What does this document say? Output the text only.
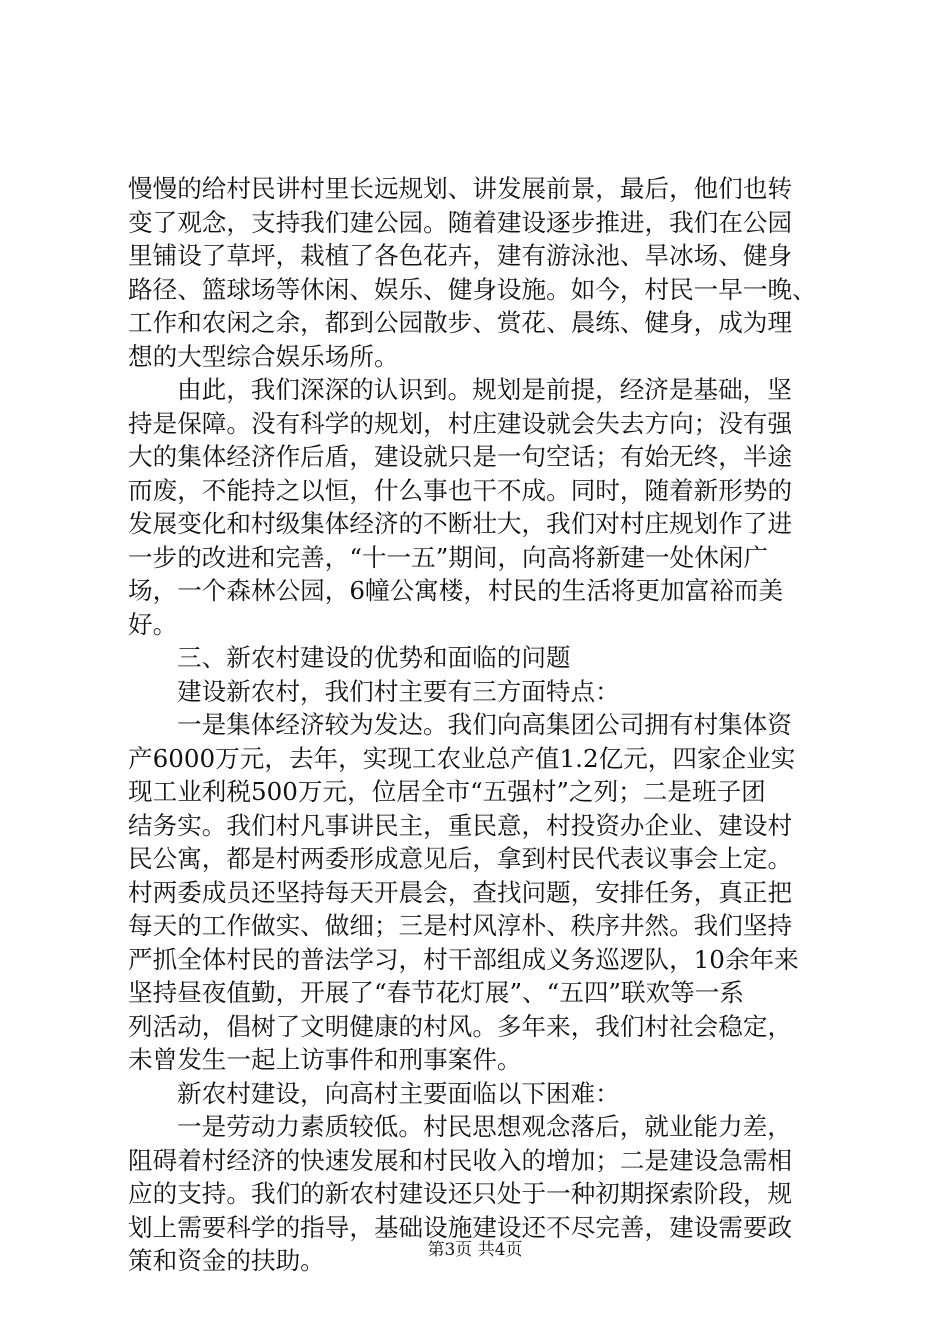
慢慢的给村民讲村里长远规划、讲发展前景，最后，他们也转
变了观念，支持我们建公园。随着建设逐步推进，我们在公园
里铺设了草坪，栽植了各色花卉，建有游泳池、旱冰场、健身
路径、篮球场等休闲、娱乐、健身设施。如今，村民一早一晚、
工作和农闲之余，都到公园散步、赏花、晨练、健身，成为理
想的大型综合娱乐场所。
由此，我们深深的认识到。规划是前提，经济是基础，坚
持是保障。没有科学的规划，村庄建设就会失去方向；没有强
大的集体经济作后盾，建设就只是一句空话；有始无终，半途
而废，不能持之以恒，什么事也干不成。同时，随着新形势的
发展变化和村级集体经济的不断壮大，我们对村庄规划作了进
一步的改进和完善，“十一五”期间，向高将新建一处休闲广
场，一个森林公园，6幢公寓楼，村民的生活将更加富裕而美
好。
三、新农村建设的优势和面临的问题
建设新农村，我们村主要有三方面特点：
一是集体经济较为发达。我们向高集团公司拥有村集体资
产6000万元，去年，实现工农业总产值1.2亿元，四家企业实
现工业利税500万元，位居全市“五强村”之列；二是班子团
结务实。我们村凡事讲民主，重民意，村投资办企业、建设村
民公寓，都是村两委形成意见后，拿到村民代表议事会上定。
村两委成员还坚持每天开晨会，查找问题，安排任务，真正把
每天的工作做实、做细；三是村风淳朴、秩序井然。我们坚持
严抓全体村民的普法学习，村干部组成义务巡逻队，10余年来
坚持昼夜值勤，开展了“春节花灯展”、“五四”联欢等一系
列活动，倡树了文明健康的村风。多年来，我们村社会稳定，
未曾发生一起上访事件和刑事案件。
新农村建设，向高村主要面临以下困难：
一是劳动力素质较低。村民思想观念落后，就业能力差，
阻碍着村经济的快速发展和村民收入的增加；二是建设急需相
应的支持。我们的新农村建设还只处于一种初期探索阶段，规
划上需要科学的指导，基础设施建设还不尽完善，建设需要政
策和资金的扶助。	第3页 共4页
